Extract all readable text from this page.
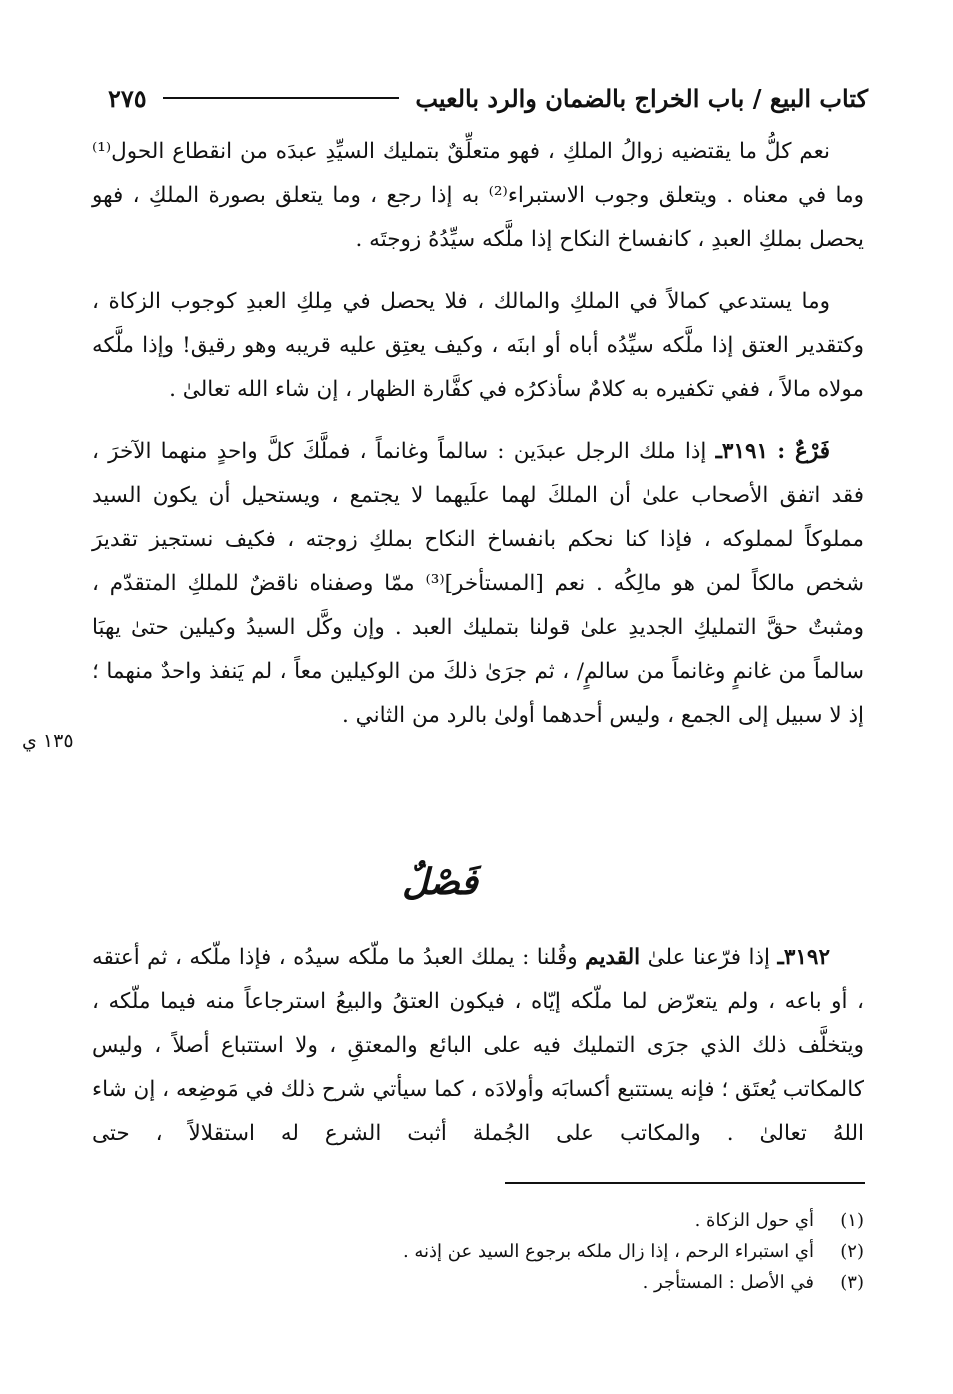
كتاب البيع / باب الخراج بالضمان والرد بالعيب
٢٧٥

نعم كلُّ ما يقتضيه زوالُ الملكِ ، فهو متعلِّقٌ بتمليك السيِّدِ عبدَه من انقطاع الحول⁽¹⁾ وما في معناه . ويتعلق وجوب الاستبراء⁽²⁾ به إذا رجع ، وما يتعلق بصورة الملكِ ، فهو يحصل بملكِ العبدِ ، كانفساخ النكاح إذا ملَّكه سيِّدُهُ زوجتَه .

وما يستدعي كمالاً في الملكِ والمالك ، فلا يحصل في مِلكِ العبدِ كوجوب الزكاة ، وكتقدير العتق إذا ملَّكه سيِّدُه أباه أو ابنَه ، وكيف يعتِق عليه قريبه وهو رقيق! وإذا ملَّكه مولاه مالاً ، ففي تكفيره به كلامٌ سأذكرُه في كفَّارة الظهار ، إن شاء الله تعالىٰ .

فَرْعٌ : ٣١٩١ـ إذا ملك الرجل عبدَين : سالماً وغانماً ، فملَّكَ كلَّ واحدٍ منهما الآخرَ ، فقد اتفق الأصحاب علىٰ أن الملكَ لهما علَيهما لا يجتمع ، ويستحيل أن يكون السيد مملوكاً لمملوكه ، فإذا كنا نحكم بانفساخ النكاح بملكِ زوجته ، فكيف نستجيز تقديرَ شخص مالكاً لمن هو مالِكُه . نعم [المستأخر]⁽³⁾ ممّا وصفناه ناقضٌ للملكِ المتقدّم ، ومثبتٌ حقَّ التمليكِ الجديدِ علىٰ قولنا بتمليك العبد . وإن وكَّل السيدُ وكيلين حتىٰ يهبَا سالماً من غانمٍ وغانماً من سالمٍ/ ، ثم جرَىٰ ذلكَ من الوكيلين معاً ، لم يَنفذ واحدٌ منهما ؛ إذ لا سبيل إلى الجمع ، وليس أحدهما أولىٰ بالرد من الثاني .

١٣٥ ي
فَصْلٌ

٣١٩٢ـ إذا فرّعنا علىٰ القديم وقُلنا : يملك العبدُ ما ملّكه سيدُه ، فإذا ملّكه ، ثم أعتقه ، أو باعه ، ولم يتعرّض لما ملّكه إيّاه ، فيكون العتقُ والبيعُ استرجاعاً منه فيما ملّكه ، ويتخلَّف ذلك الذي جرَى التمليك فيه على البائع والمعتقِ ، ولا استتباع أصلاً ، وليس كالمكاتب يُعتَق ؛ فإنه يستتبع أكسابَه وأولادَه ، كما سيأتي شرح ذلك في مَوضِعه ، إن شاء اللهُ تعالىٰ . والمكاتب على الجُملة أثبت الشرع له استقلالاً ، حتى

(١)
أي حول الزكاة .
(٢)
أي استبراء الرحم ، إذا زال ملكه برجوع السيد عن إذنه .
(٣)
في الأصل : المستأجر .
